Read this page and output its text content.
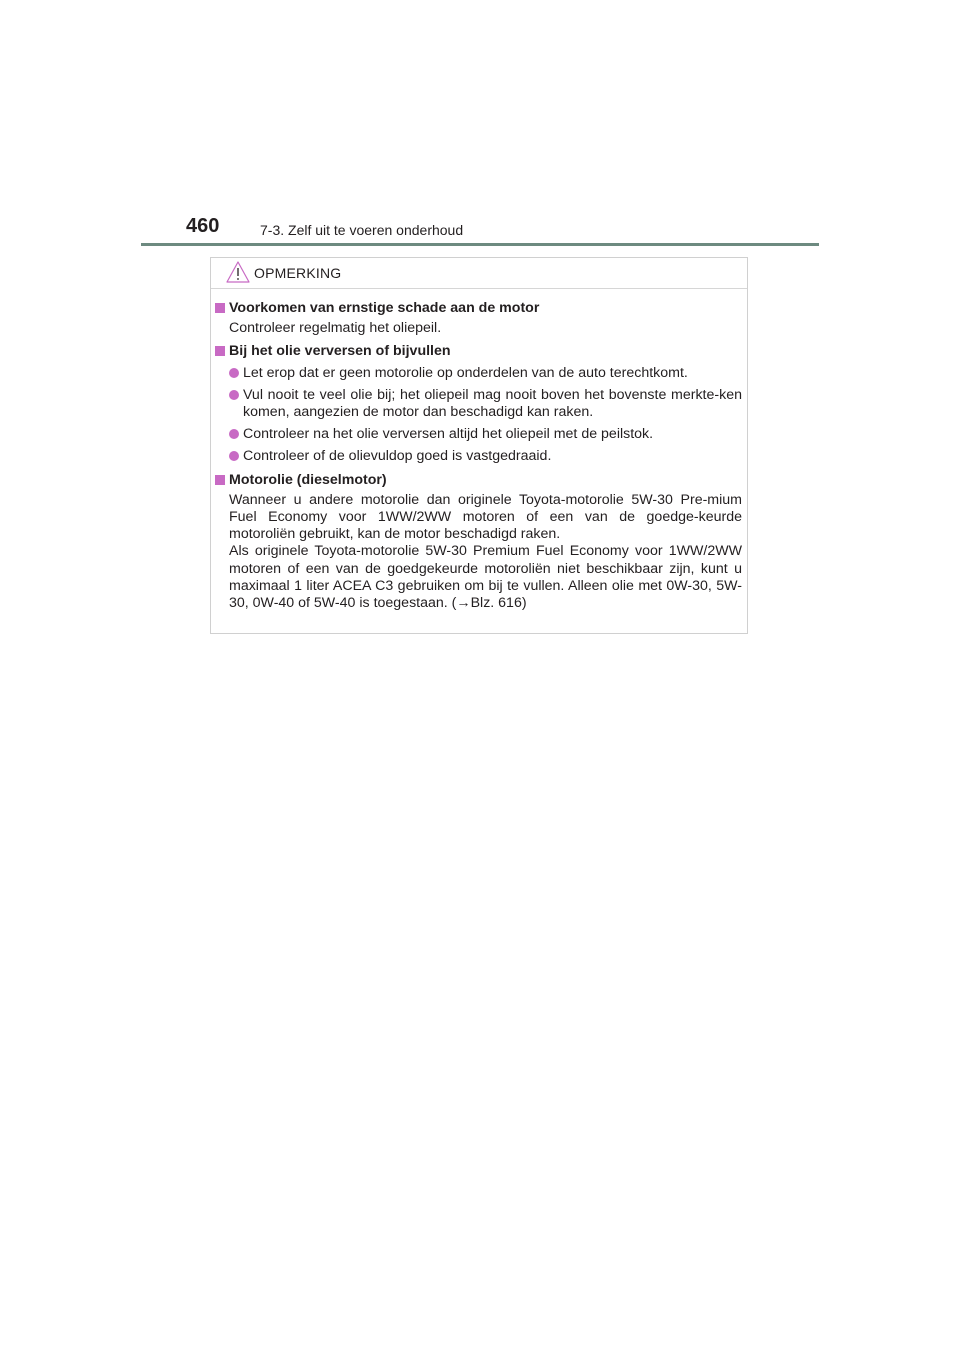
460	7-3. Zelf uit te voeren onderhoud
OPMERKING
Voorkomen van ernstige schade aan de motor
Controleer regelmatig het oliepeil.
Bij het olie verversen of bijvullen
Let erop dat er geen motorolie op onderdelen van de auto terechtkomt.
Vul nooit te veel olie bij; het oliepeil mag nooit boven het bovenste merkte-ken komen, aangezien de motor dan beschadigd kan raken.
Controleer na het olie verversen altijd het oliepeil met de peilstok.
Controleer of de olievuldop goed is vastgedraaid.
Motorolie (dieselmotor)
Wanneer u andere motorolie dan originele Toyota-motorolie 5W-30 Pre-mium Fuel Economy voor 1WW/2WW motoren of een van de goedge-keurde motoroliën gebruikt, kan de motor beschadigd raken.
Als originele Toyota-motorolie 5W-30 Premium Fuel Economy voor 1WW/2WW motoren of een van de goedgekeurde motoroliën niet beschikbaar zijn, kunt u maximaal 1 liter ACEA C3 gebruiken om bij te vullen. Alleen olie met 0W-30, 5W-30, 0W-40 of 5W-40 is toegestaan. (→Blz. 616)
